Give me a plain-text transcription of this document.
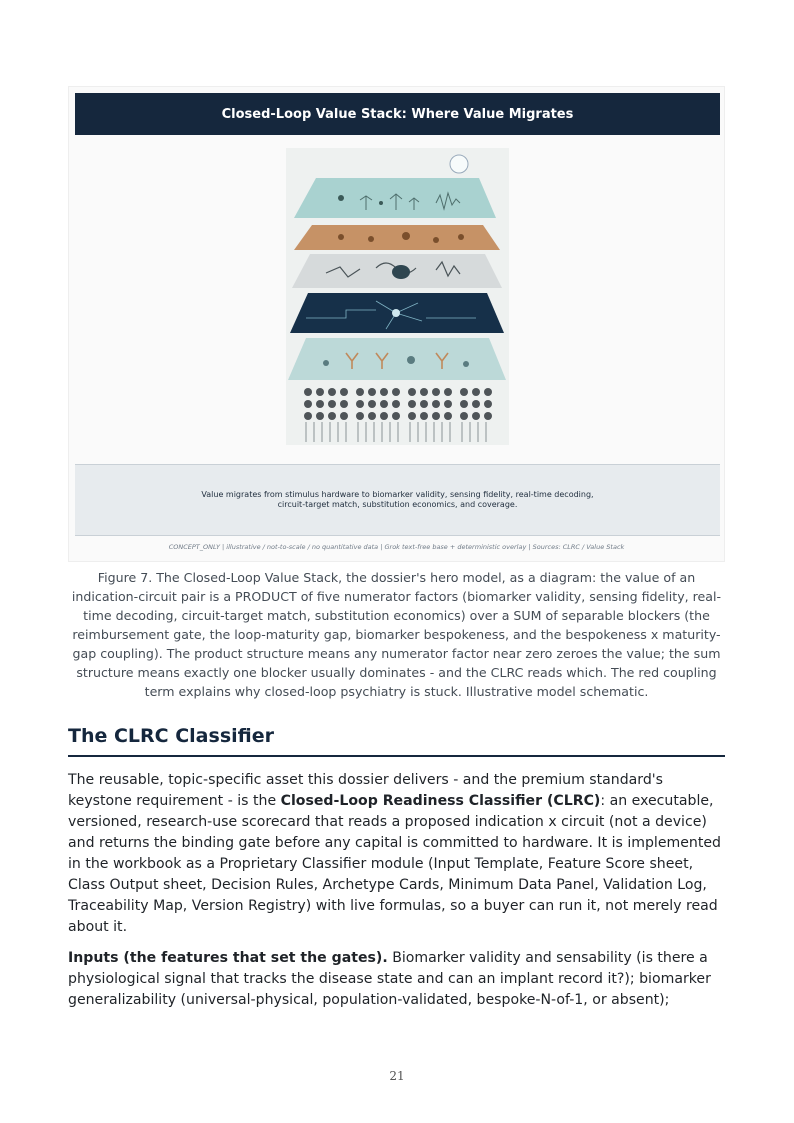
Closed-Loop Value Stack: Where Value Migrates
Value migrates from stimulus hardware to biomarker validity, sensing fidelity, real-time decoding, circuit-target match, substitution economics, and coverage.
CONCEPT_ONLY | illustrative / not-to-scale / no quantitative data | Grok text-free base + deterministic overlay | Sources: CLRC / Value Stack
Figure 7. The Closed-Loop Value Stack, the dossier's hero model, as a diagram: the value of an indication-circuit pair is a PRODUCT of five numerator factors (biomarker validity, sensing fidelity, real-time decoding, circuit-target match, substitution economics) over a SUM of separable blockers (the reimbursement gate, the loop-maturity gap, biomarker bespokeness, and the bespokeness x maturity-gap coupling). The product structure means any numerator factor near zero zeroes the value; the sum structure means exactly one blocker usually dominates - and the CLRC reads which. The red coupling term explains why closed-loop psychiatry is stuck. Illustrative model schematic.
The CLRC Classifier

The reusable, topic-specific asset this dossier delivers - and the premium standard's keystone requirement - is the Closed-Loop Readiness Classifier (CLRC): an executable, versioned, research-use scorecard that reads a proposed indication x circuit (not a device) and returns the binding gate before any capital is committed to hardware. It is implemented in the workbook as a Proprietary Classifier module (Input Template, Feature Score sheet, Class Output sheet, Decision Rules, Archetype Cards, Minimum Data Panel, Validation Log, Traceability Map, Version Registry) with live formulas, so a buyer can run it, not merely read about it.

Inputs (the features that set the gates). Biomarker validity and sensability (is there a physiological signal that tracks the disease state and can an implant record it?); biomarker generalizability (universal-physical, population-validated, bespoke-N-of-1, or absent);

21
